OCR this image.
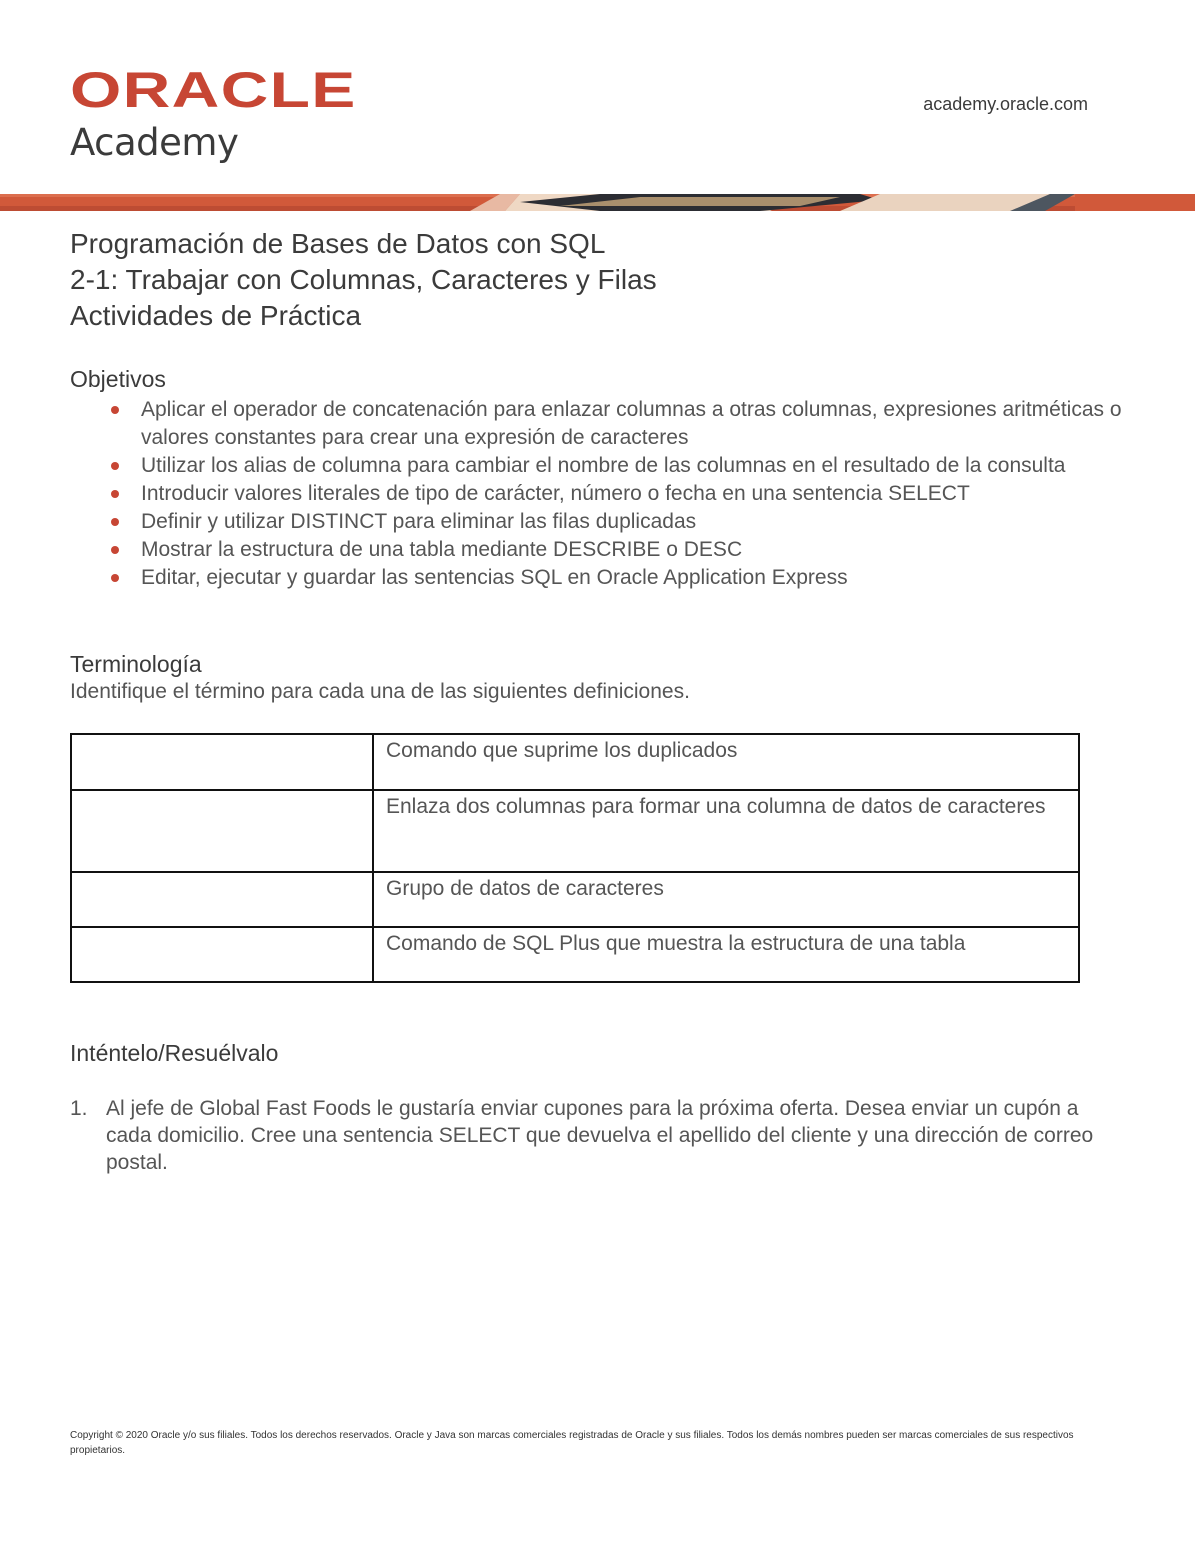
ORACLE
Academy
academy.oracle.com
Programación de Bases de Datos con SQL
2-1: Trabajar con Columnas, Caracteres y Filas
Actividades de Práctica
Objetivos
Aplicar el operador de concatenación para enlazar columnas a otras columnas, expresiones aritméticas o valores constantes para crear una expresión de caracteres
Utilizar los alias de columna para cambiar el nombre de las columnas en el resultado de la consulta
Introducir valores literales de tipo de carácter, número o fecha en una sentencia SELECT
Definir y utilizar DISTINCT para eliminar las filas duplicadas
Mostrar la estructura de una tabla mediante DESCRIBE o DESC
Editar, ejecutar y guardar las sentencias SQL en Oracle Application Express
Terminología
Identifique el término para cada una de las siguientes definiciones.
	Comando que suprime los duplicados
	Enlaza dos columnas para formar una columna de datos de caracteres
	Grupo de datos de caracteres
	Comando de SQL Plus que muestra la estructura de una tabla
Inténtelo/Resuélvalo
1. Al jefe de Global Fast Foods le gustaría enviar cupones para la próxima oferta. Desea enviar un cupón a cada domicilio. Cree una sentencia SELECT que devuelva el apellido del cliente y una dirección de correo postal.
Copyright © 2020 Oracle y/o sus filiales. Todos los derechos reservados. Oracle y Java son marcas comerciales registradas de Oracle y sus filiales. Todos los demás nombres pueden ser marcas comerciales de sus respectivos propietarios.
